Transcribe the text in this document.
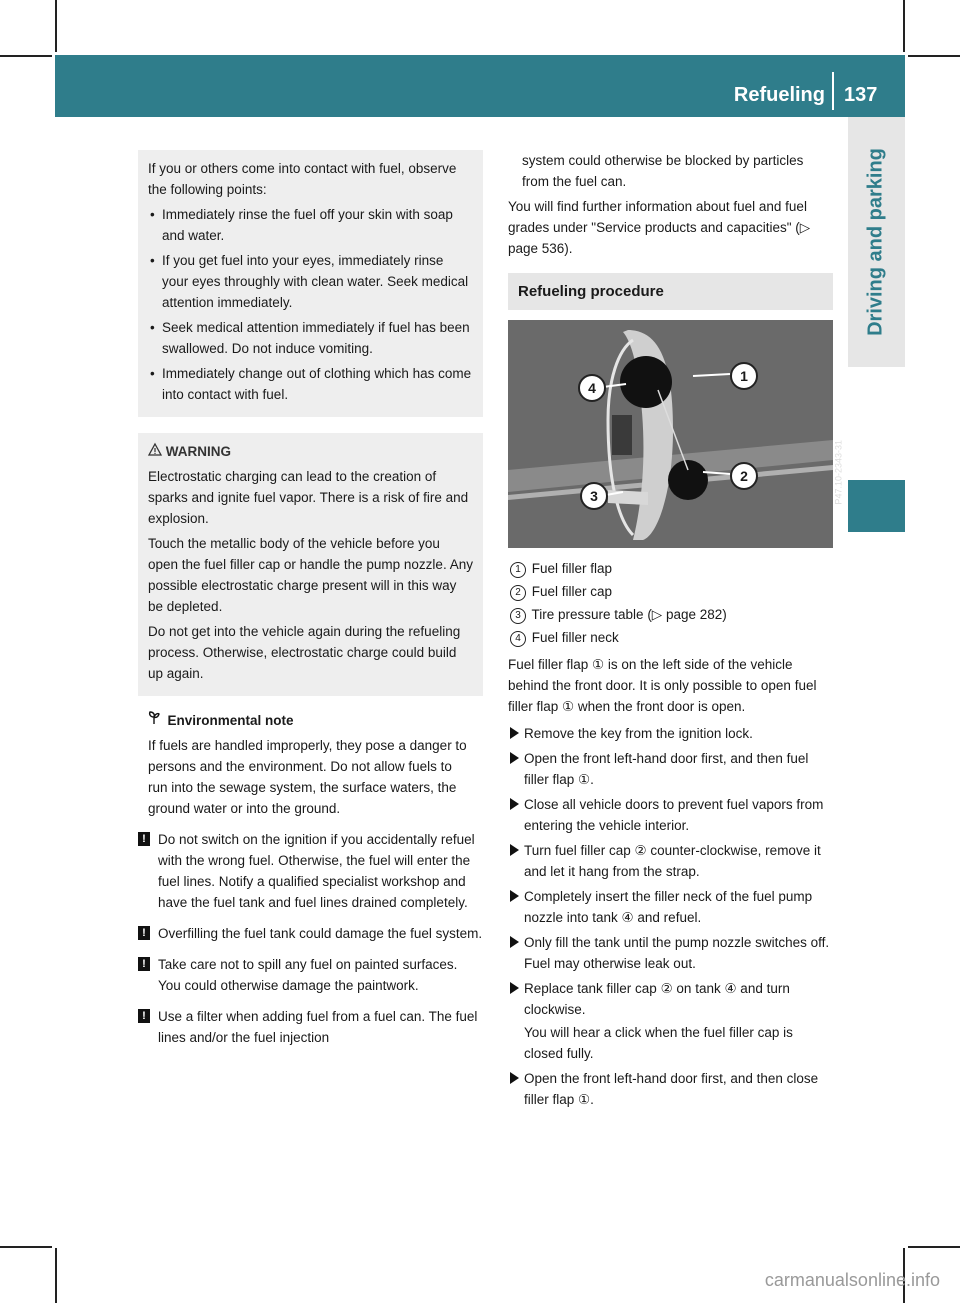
Refueling 137
Driving and parking

If you or others come into contact with fuel, observe the following points:

• Immediately rinse the fuel off your skin with soap and water.
• If you get fuel into your eyes, immediately rinse your eyes throughly with clean water. Seek medical attention immediately.
• Seek medical attention immediately if fuel has been swallowed. Do not induce vomiting.
• Immediately change out of clothing which has come into contact with fuel.
WARNING

Electrostatic charging can lead to the creation of sparks and ignite fuel vapor. There is a risk of fire and explosion.

Touch the metallic body of the vehicle before you open the fuel filler cap or handle the pump nozzle. Any possible electrostatic charge present will in this way be depleted.

Do not get into the vehicle again during the refueling process. Otherwise, electrostatic charge could build up again.

Environmental note

If fuels are handled improperly, they pose a danger to persons and the environment. Do not allow fuels to run into the sewage system, the surface waters, the ground water or into the ground.

! Do not switch on the ignition if you accidentally refuel with the wrong fuel. Otherwise, the fuel will enter the fuel lines. Notify a qualified specialist workshop and have the fuel tank and fuel lines drained completely.
! Overfilling the fuel tank could damage the fuel system.
! Take care not to spill any fuel on painted surfaces. You could otherwise damage the paintwork.
! Use a filter when adding fuel from a fuel can. The fuel lines and/or the fuel injection

system could otherwise be blocked by particles from the fuel can.

You will find further information about fuel and fuel grades under "Service products and capacities" (▷ page 536).

Refueling procedure
1
2
3
4
P47.10-2343-31
1 Fuel filler flap
2 Fuel filler cap
3 Tire pressure table (▷ page 282)
4 Fuel filler neck

Fuel filler flap ① is on the left side of the vehicle behind the front door. It is only possible to open fuel filler flap ① when the front door is open.

Remove the key from the ignition lock.
Open the front left-hand door first, and then fuel filler flap ①.
Close all vehicle doors to prevent fuel vapors from entering the vehicle interior.
Turn fuel filler cap ② counter-clockwise, remove it and let it hang from the strap.
Completely insert the filler neck of the fuel pump nozzle into tank ④ and refuel.
Only fill the tank until the pump nozzle switches off. Fuel may otherwise leak out.
Replace tank filler cap ② on tank ④ and turn clockwise.
You will hear a click when the fuel filler cap is closed fully.
Open the front left-hand door first, and then close filler flap ①.
carmanualsonline.info
